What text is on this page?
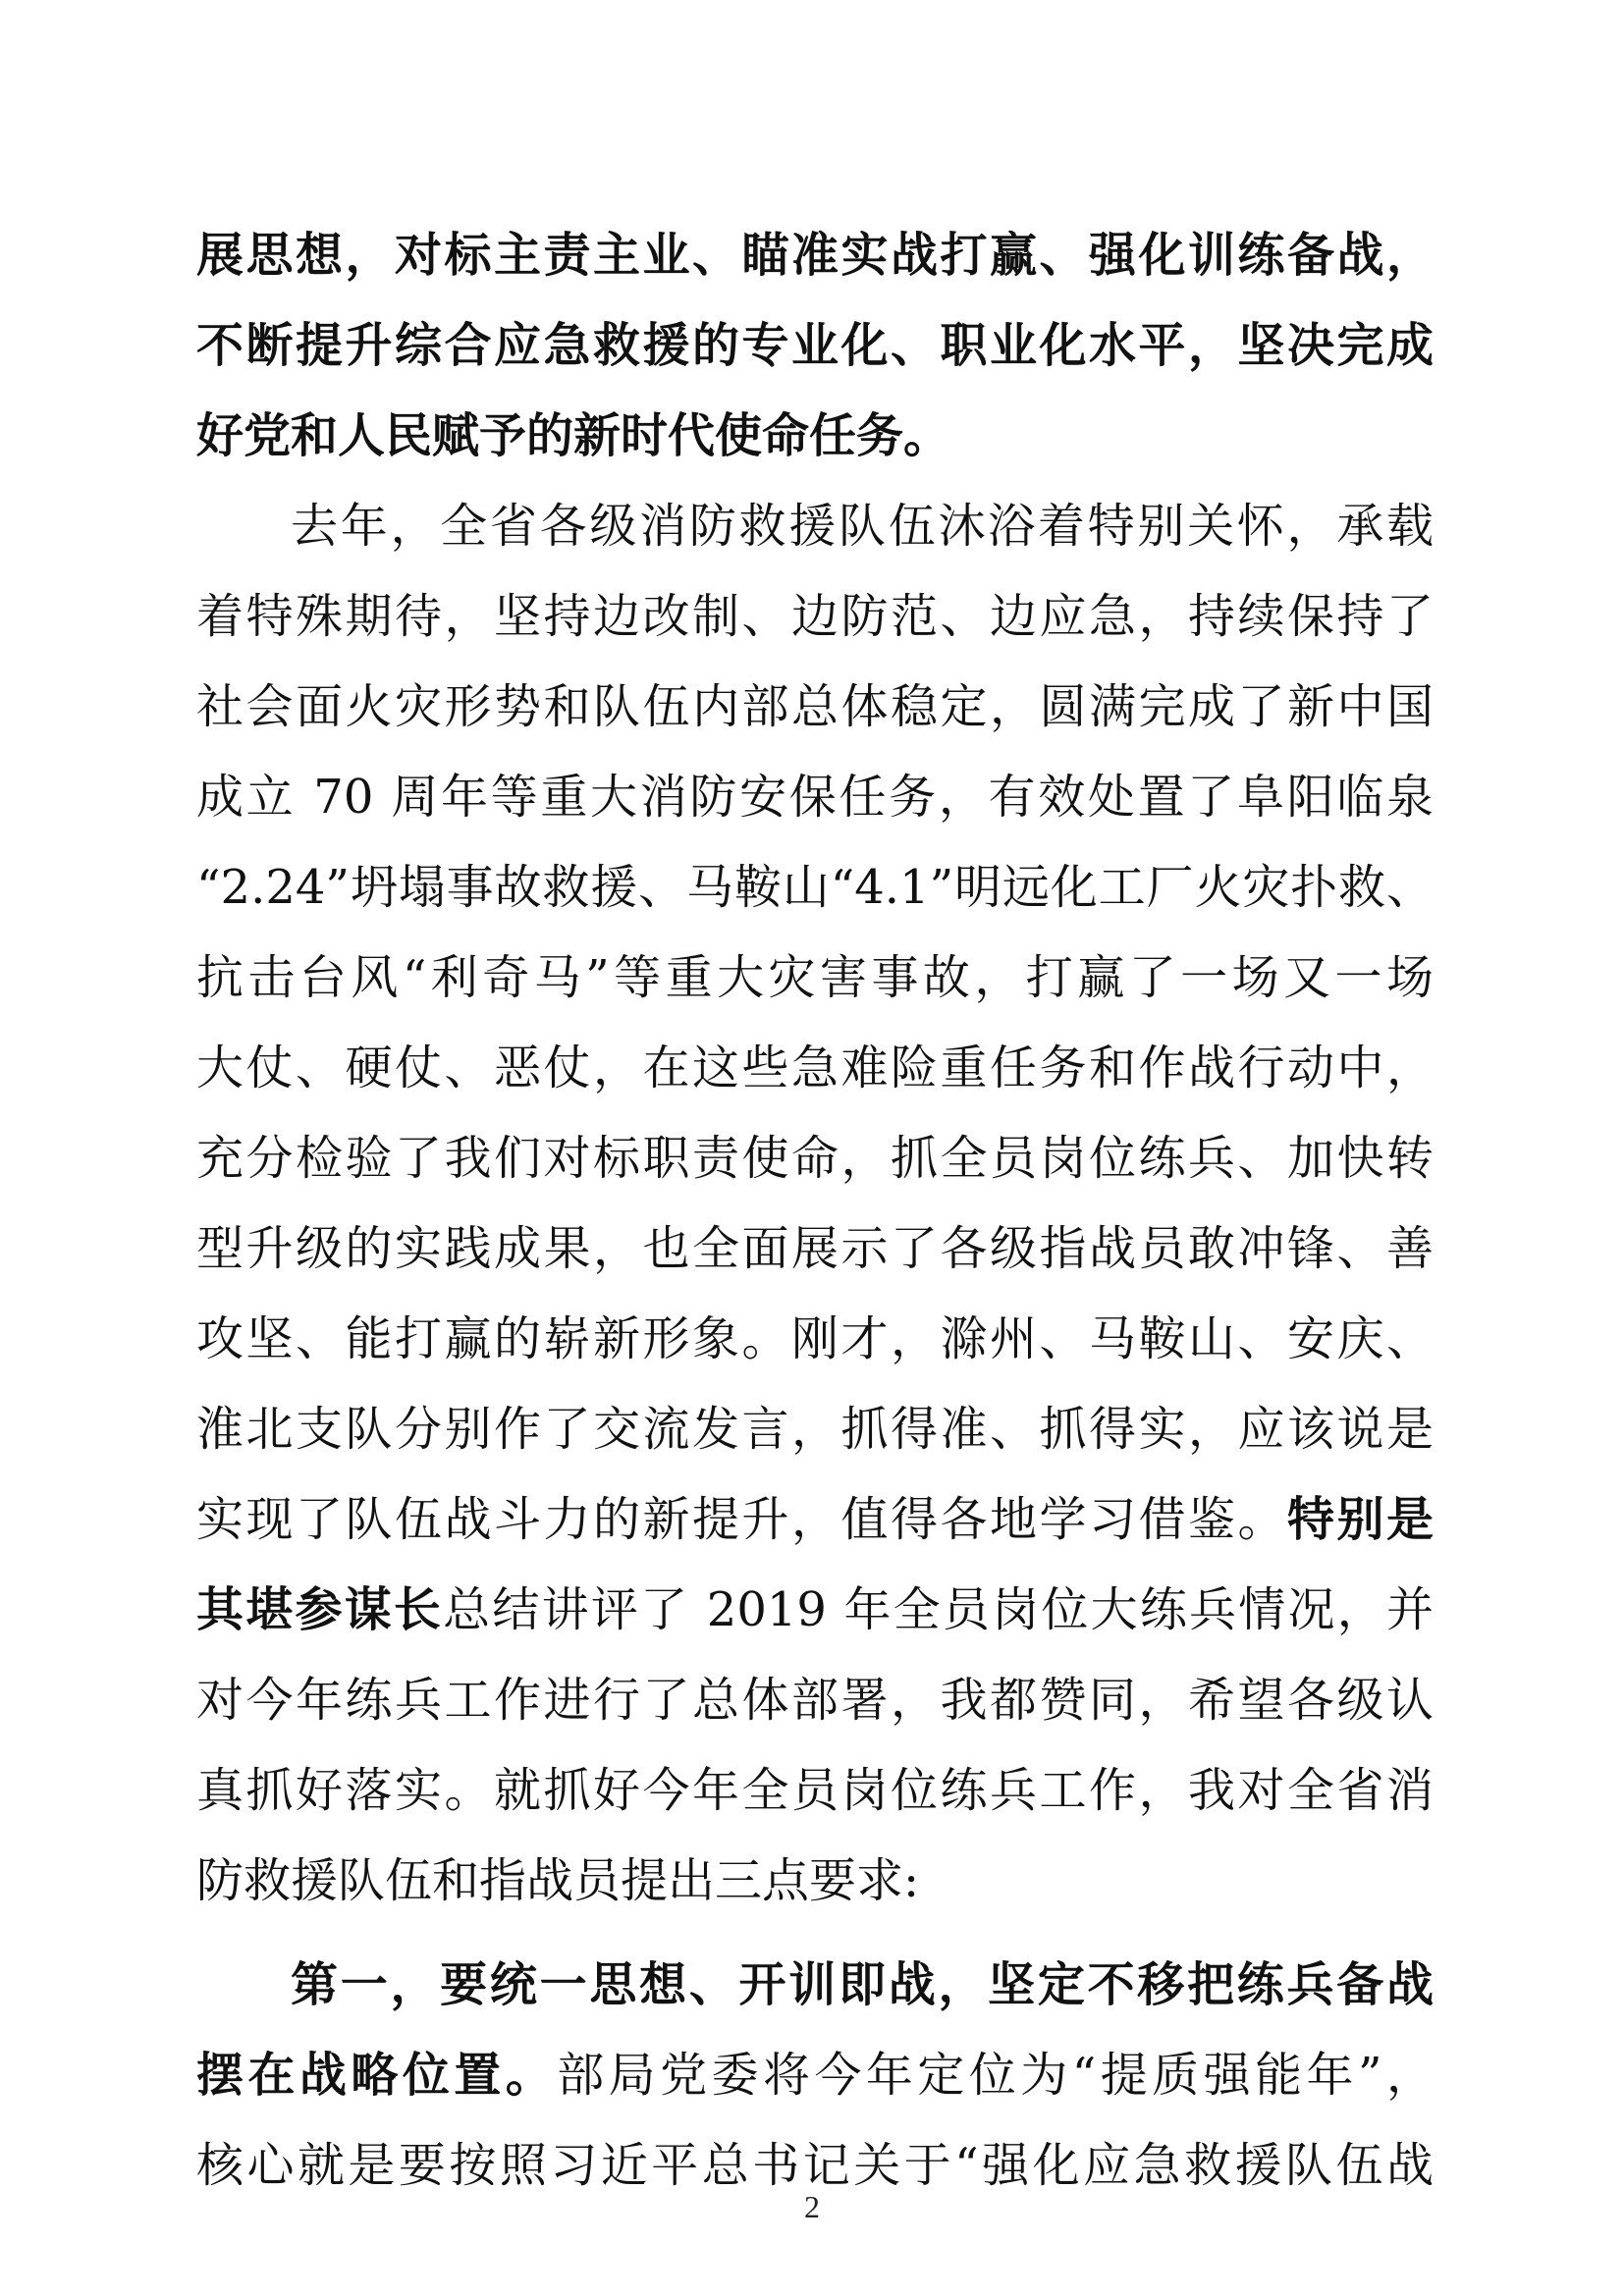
展思想，对标主责主业、瞄准实战打赢、强化训练备战，
不断提升综合应急救援的专业化、职业化水平，坚决完成
好党和人民赋予的新时代使命任务。
去年，全省各级消防救援队伍沐浴着特别关怀，承载
着特殊期待，坚持边改制、边防范、边应急，持续保持了
社会面火灾形势和队伍内部总体稳定，圆满完成了新中国
成立 70 周年等重大消防安保任务，有效处置了阜阳临泉
“2.24”坍塌事故救援、马鞍山“4.1”明远化工厂火灾扑救、
抗击台风“利奇马”等重大灾害事故，打赢了一场又一场
大仗、硬仗、恶仗，在这些急难险重任务和作战行动中，
充分检验了我们对标职责使命，抓全员岗位练兵、加快转
型升级的实践成果，也全面展示了各级指战员敢冲锋、善
攻坚、能打赢的崭新形象。刚才，滁州、马鞍山、安庆、
淮北支队分别作了交流发言，抓得准、抓得实，应该说是
实现了队伍战斗力的新提升，值得各地学习借鉴。特别是
其堪参谋长总结讲评了 2019 年全员岗位大练兵情况，并
对今年练兵工作进行了总体部署，我都赞同，希望各级认
真抓好落实。就抓好今年全员岗位练兵工作，我对全省消
防救援队伍和指战员提出三点要求:
第一，要统一思想、开训即战，坚定不移把练兵备战
摆在战略位置。部局党委将今年定位为“提质强能年”，
核心就是要按照习近平总书记关于“强化应急救援队伍战
2
